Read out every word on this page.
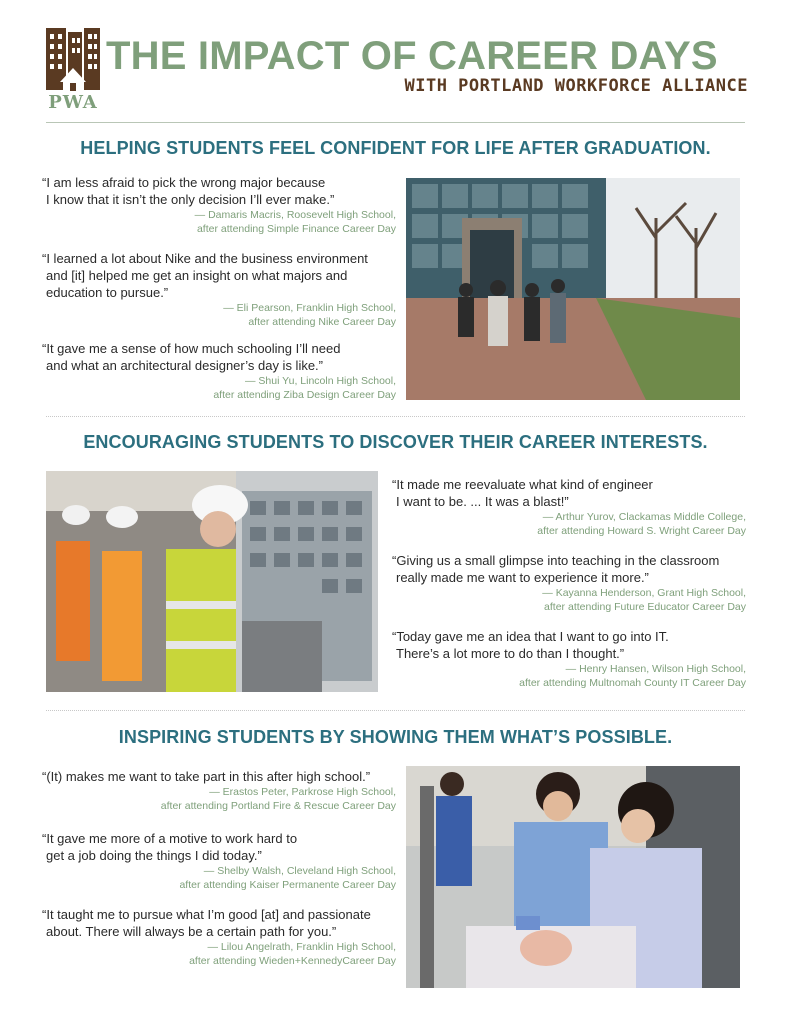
PWA
THE IMPACT OF CAREER DAYS
WITH PORTLAND WORKFORCE ALLIANCE
HELPING STUDENTS FEEL CONFIDENT FOR LIFE AFTER GRADUATION.
“I am less afraid to pick the wrong major because
I know that it isn’t the only decision I’ll ever make.”
— Damaris Macris, Roosevelt High School,
after attending Simple Finance Career Day
“I learned a lot about Nike and the business environment
and [it] helped me get an insight on what majors and
education to pursue.”
— Eli Pearson, Franklin High School,
after attending Nike Career Day
“It gave me a sense of how much schooling I’ll need
and what an architectural designer’s day is like.”
— Shui Yu, Lincoln High School,
after attending Ziba Design Career Day
ENCOURAGING STUDENTS TO DISCOVER THEIR CAREER INTERESTS.
“It made me reevaluate what kind of engineer
I want to be. ... It was a blast!”
— Arthur Yurov, Clackamas Middle College,
after attending Howard S. Wright Career Day
“Giving us a small glimpse into teaching in the classroom
really made me want to experience it more.”
— Kayanna Henderson, Grant High School,
after attending Future Educator Career Day
“Today gave me an idea that I want to go into IT.
There’s a lot more to do than I thought.”
— Henry Hansen, Wilson High School,
after attending Multnomah County IT Career Day
INSPIRING STUDENTS BY SHOWING THEM WHAT’S POSSIBLE.
“(It) makes me want to take part in this after high school.”
— Erastos Peter, Parkrose High School,
after attending Portland Fire & Rescue Career Day
“It gave me more of a motive to work hard to
get a job doing the things I did today.”
— Shelby Walsh, Cleveland High School,
after attending Kaiser Permanente Career Day
“It taught me to pursue what I’m good [at] and passionate
about. There will always be a certain path for you.”
— Lilou Angelrath, Franklin High School,
after attending Wieden+KennedyCareer Day
